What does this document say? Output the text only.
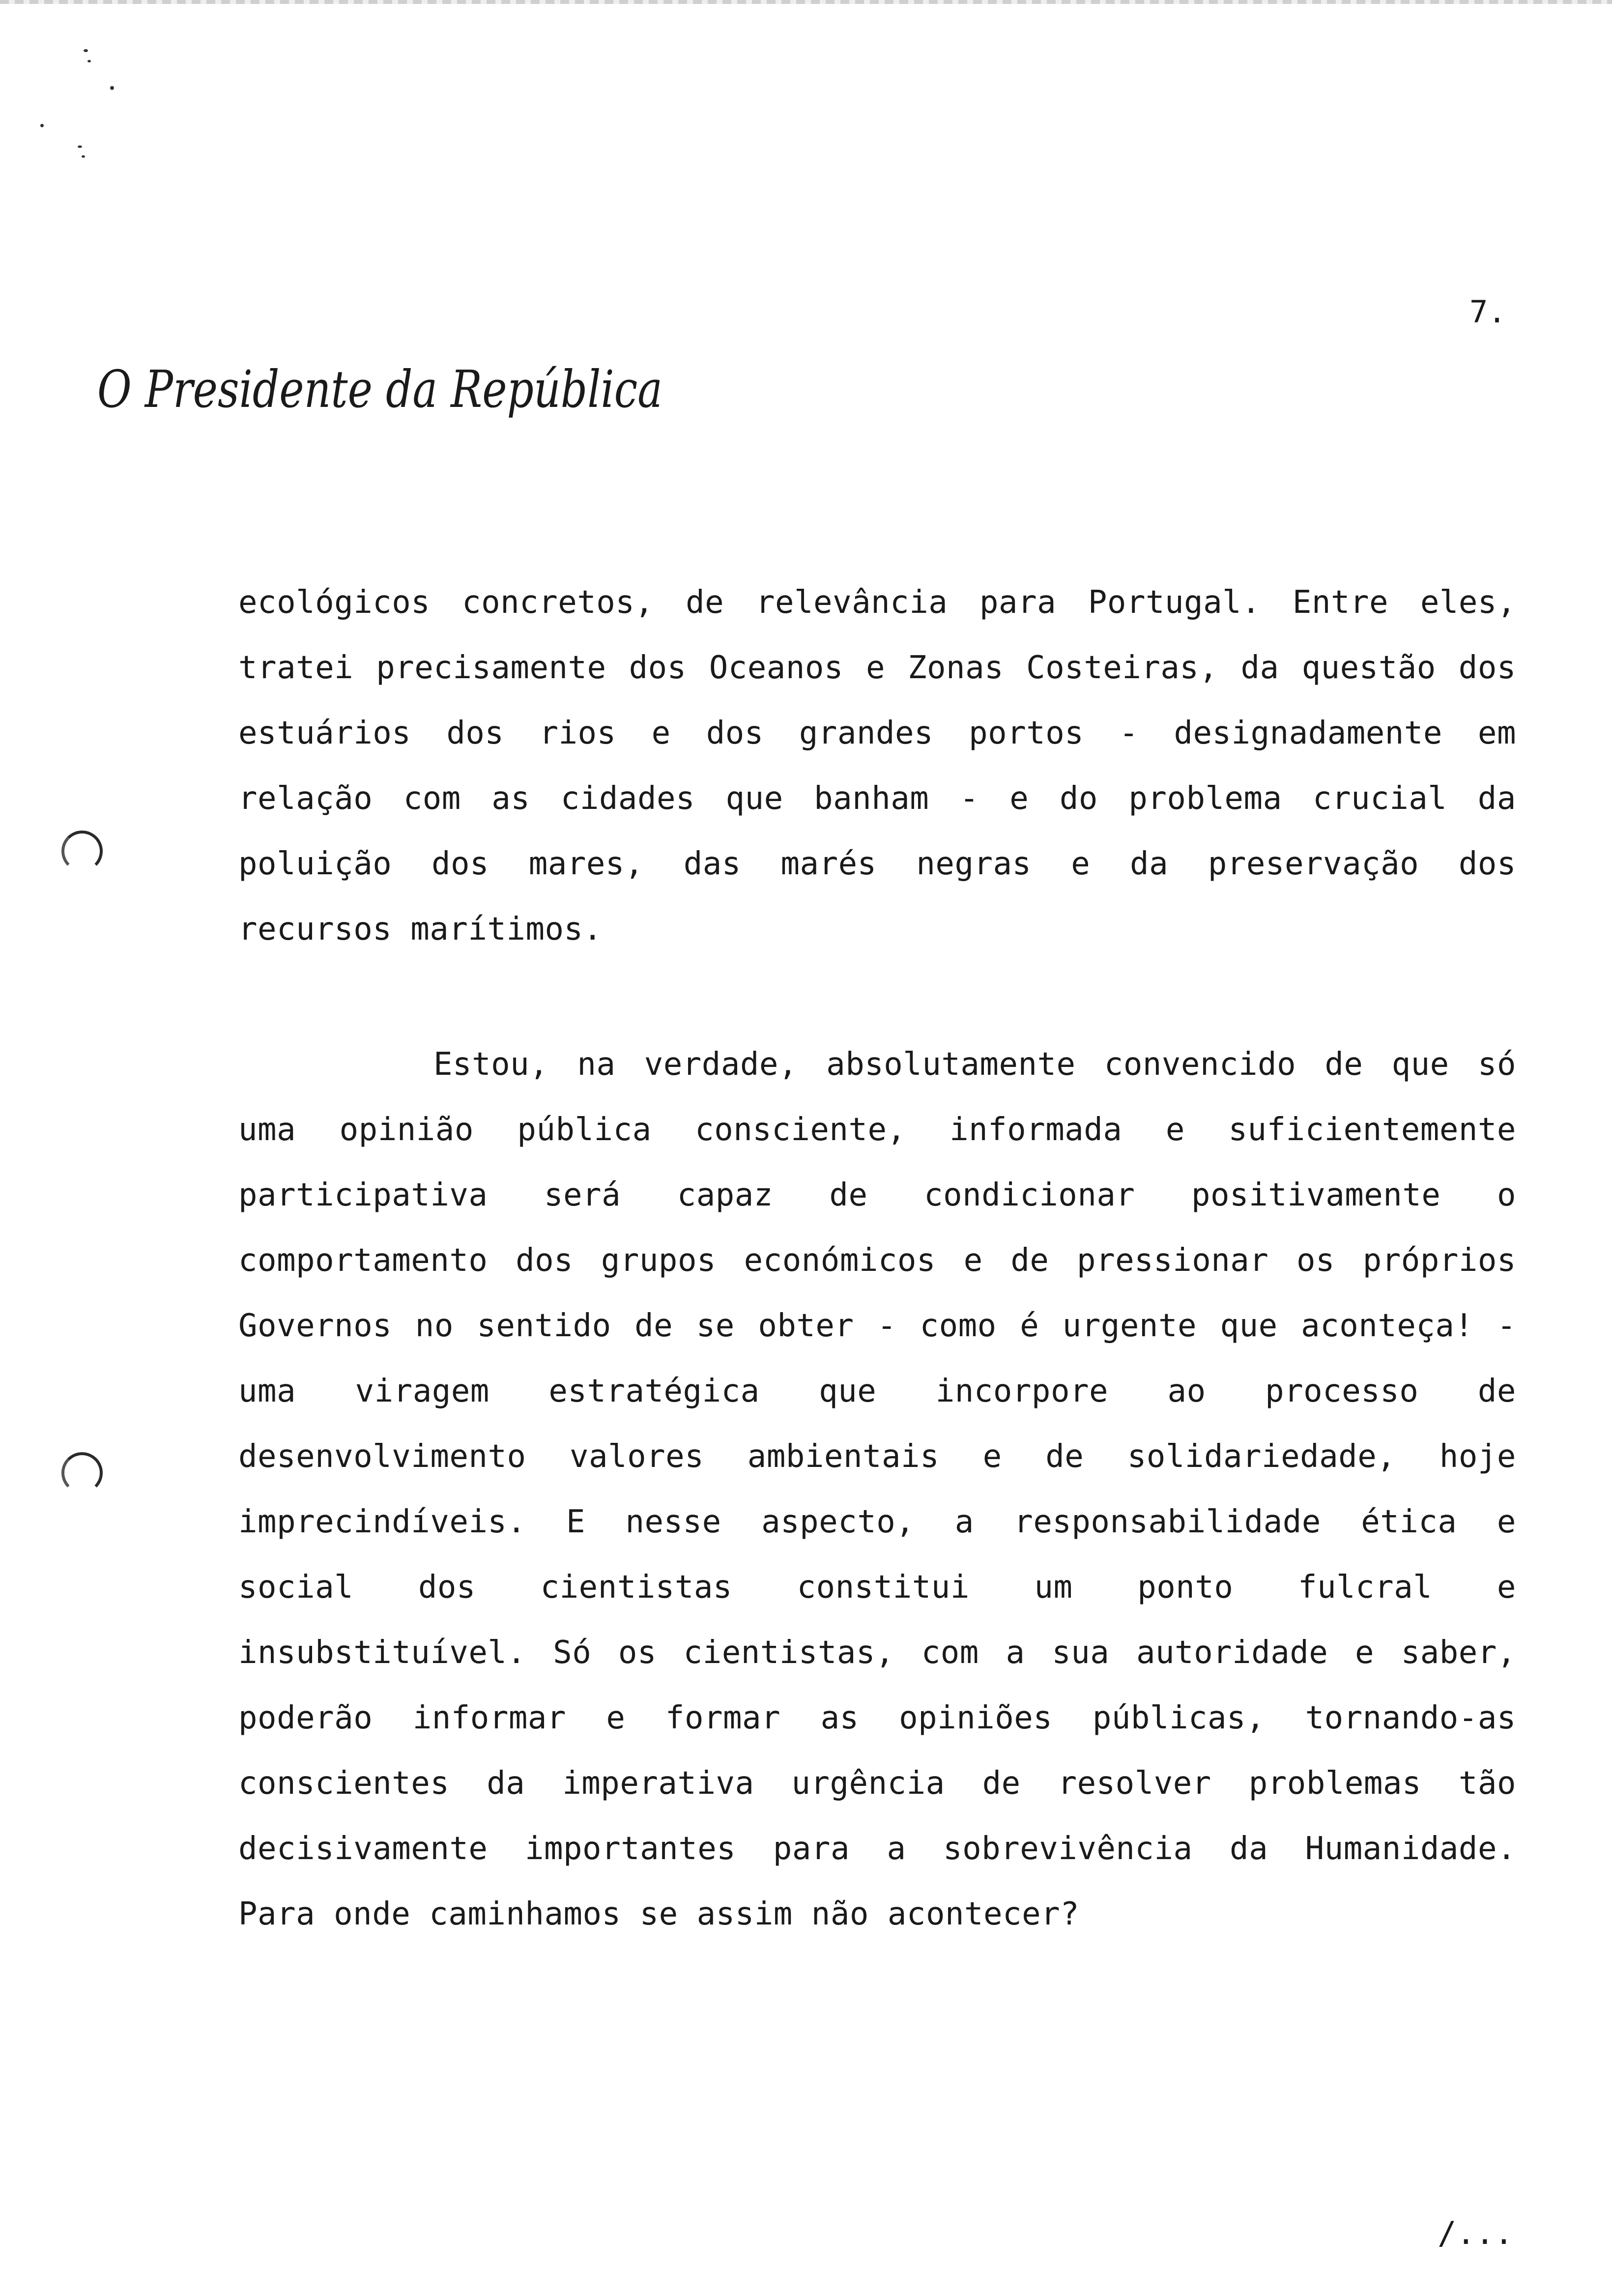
7.
O Presidente da República
ecológicos concretos, de relevância para Portugal. Entre eles,
tratei precisamente dos Oceanos e Zonas Costeiras, da questão dos
estuários dos rios e dos grandes portos - designadamente em
relação com as cidades que banham - e do problema crucial da
poluição dos mares, das marés negras e da preservação dos
recursos marítimos.
Estou, na verdade, absolutamente convencido de que só
uma opinião pública consciente, informada e suficientemente
participativa será capaz de condicionar positivamente o
comportamento dos grupos económicos e de pressionar os próprios
Governos no sentido de se obter - como é urgente que aconteça! -
uma viragem estratégica que incorpore ao processo de
desenvolvimento valores ambientais e de solidariedade, hoje
imprecindíveis. E nesse aspecto, a responsabilidade ética e
social dos cientistas constitui um ponto fulcral e
insubstituível. Só os cientistas, com a sua autoridade e saber,
poderão informar e formar as opiniões públicas, tornando-as
conscientes da imperativa urgência de resolver problemas tão
decisivamente importantes para a sobrevivência da Humanidade.
Para onde caminhamos se assim não acontecer?
/...
